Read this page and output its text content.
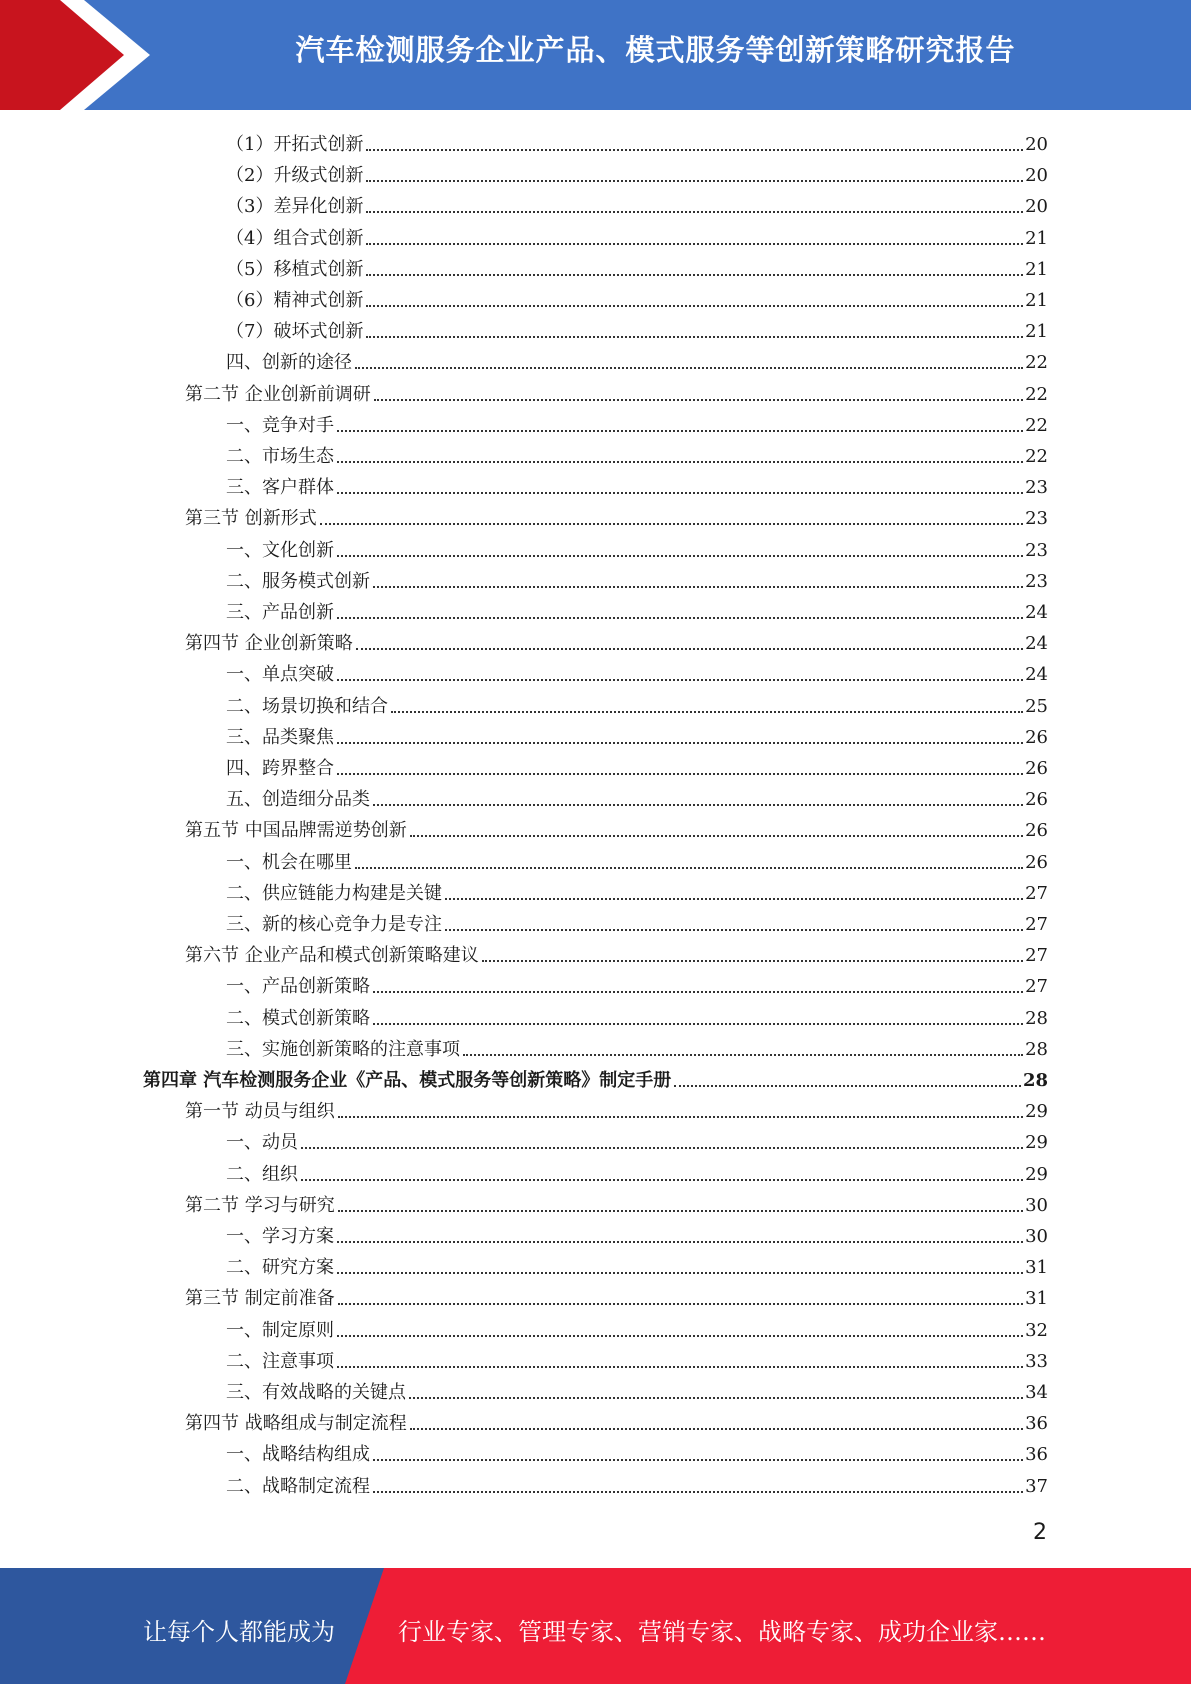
汽车检测服务企业产品、模式服务等创新策略研究报告
（1）开拓式创新	20
（2）升级式创新	20
（3）差异化创新	20
（4）组合式创新	21
（5）移植式创新	21
（6）精神式创新	21
（7）破坏式创新	21
四、创新的途径	22
第二节 企业创新前调研	22
一、竞争对手	22
二、市场生态	22
三、客户群体	23
第三节 创新形式	23
一、文化创新	23
二、服务模式创新	23
三、产品创新	24
第四节 企业创新策略	24
一、单点突破	24
二、场景切换和结合	25
三、品类聚焦	26
四、跨界整合	26
五、创造细分品类	26
第五节 中国品牌需逆势创新	26
一、机会在哪里	26
二、供应链能力构建是关键	27
三、新的核心竞争力是专注	27
第六节 企业产品和模式创新策略建议	27
一、产品创新策略	27
二、模式创新策略	28
三、实施创新策略的注意事项	28
第四章 汽车检测服务企业《产品、模式服务等创新策略》制定手册	28
第一节 动员与组织	29
一、动员	29
二、组织	29
第二节 学习与研究	30
一、学习方案	30
二、研究方案	31
第三节 制定前准备	31
一、制定原则	32
二、注意事项	33
三、有效战略的关键点	34
第四节 战略组成与制定流程	36
一、战略结构组成	36
二、战略制定流程	37
2
让每个人都能成为	行业专家、管理专家、营销专家、战略专家、成功企业家……
